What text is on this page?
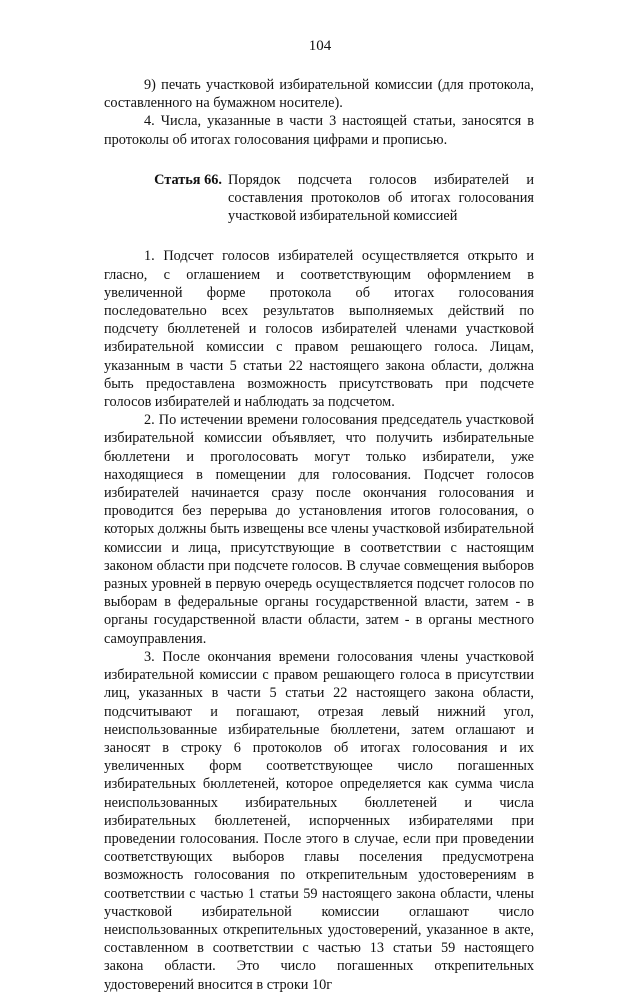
104

9) печать участковой избирательной комиссии (для протокола, составленного на бумажном носителе).

4. Числа, указанные в части 3 настоящей статьи, заносятся в протоколы об итогах голосования цифрами и прописью.

Статья 66. Порядок подсчета голосов избирателей и составления протоколов об итогах голосования участковой избирательной комиссией

1. Подсчет голосов избирателей осуществляется открыто и гласно, с оглашением и соответствующим оформлением в увеличенной форме протокола об итогах голосования последовательно всех результатов выполняемых действий по подсчету бюллетеней и голосов избирателей членами участковой избирательной комиссии с правом решающего голоса. Лицам, указанным в части 5 статьи 22 настоящего закона области, должна быть предоставлена возможность присутствовать при подсчете голосов избирателей и наблюдать за подсчетом.

2. По истечении времени голосования председатель участковой избирательной комиссии объявляет, что получить избирательные бюллетени и проголосовать могут только избиратели, уже находящиеся в помещении для голосования. Подсчет голосов избирателей начинается сразу после окончания голосования и проводится без перерыва до установления итогов голосования, о которых должны быть извещены все члены участковой избирательной комиссии и лица, присутствующие в соответствии с настоящим законом области при подсчете голосов. В случае совмещения выборов разных уровней в первую очередь осуществляется подсчет голосов по выборам в федеральные органы государственной власти, затем - в органы государственной власти области, затем - в органы местного самоуправления.

3. После окончания времени голосования члены участковой избирательной комиссии с правом решающего голоса в присутствии лиц, указанных в части 5 статьи 22 настоящего закона области, подсчитывают и погашают, отрезая левый нижний угол, неиспользованные избирательные бюллетени, затем оглашают и заносят в строку 6 протоколов об итогах голосования и их увеличенных форм соответствующее число погашенных избирательных бюллетеней, которое определяется как сумма числа неиспользованных избирательных бюллетеней и числа избирательных бюллетеней, испорченных избирателями при проведении голосования. После этого в случае, если при проведении соответствующих выборов главы поселения предусмотрена возможность голосования по открепительным удостоверениям в соответствии с частью 1 статьи 59 настоящего закона области, члены участковой избирательной комиссии оглашают число неиспользованных открепительных удостоверений, указанное в акте, составленном в соответствии с частью 13 статьи 59 настоящего закона области. Это число погашенных открепительных удостоверений вносится в строки 10г
